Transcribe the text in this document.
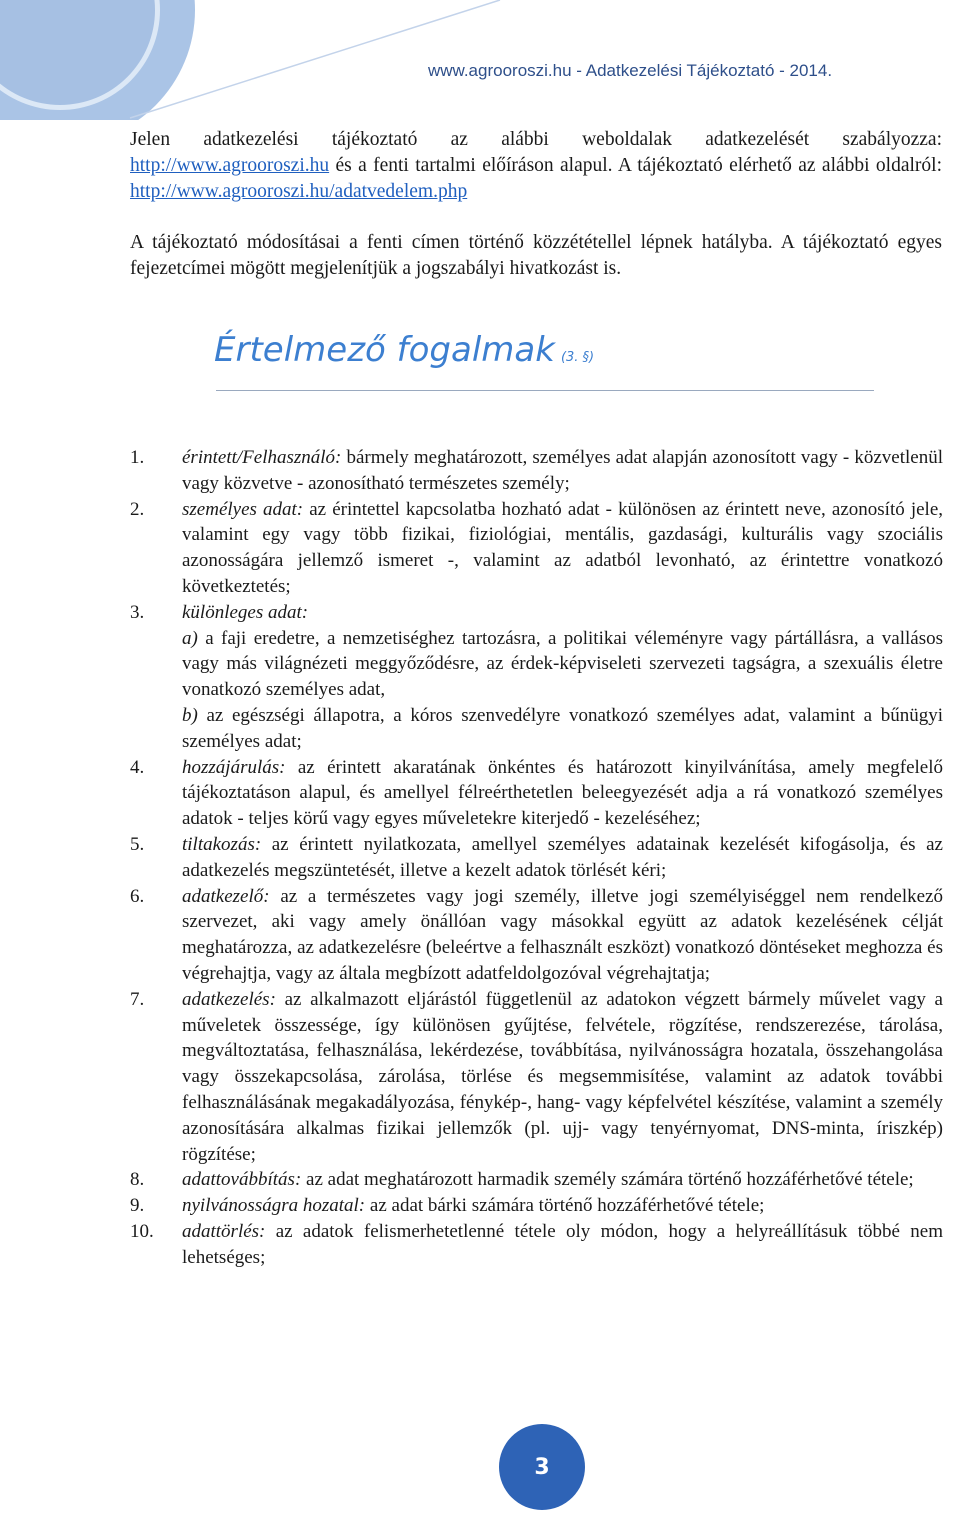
www.agrooroszi.hu - Adatkezelési Tájékoztató - 2014.

Jelen adatkezelési tájékoztató az alábbi weboldalak adatkezelését szabályozza: http://www.agrooroszi.hu és a fenti tartalmi előíráson alapul. A tájékoztató elérhető az alábbi oldalról: http://www.agrooroszi.hu/adatvedelem.php

A tájékoztató módosításai a fenti címen történő közzététellel lépnek hatályba. A tájékoztató egyes fejezetcímei mögött megjelenítjük a jogszabályi hivatkozást is.

Értelmező fogalmak (3. §)
1.	érintett/Felhasználó: bármely meghatározott, személyes adat alapján azonosított vagy - közvetlenül vagy közvetve - azonosítható természetes személy;
2.	személyes adat: az érintettel kapcsolatba hozható adat - különösen az érintett neve, azonosító jele, valamint egy vagy több fizikai, fiziológiai, mentális, gazdasági, kulturális vagy szociális azonosságára jellemző ismeret -, valamint az adatból levonható, az érintettre vonatkozó következtetés;
3.	különleges adat:
a) a faji eredetre, a nemzetiséghez tartozásra, a politikai véleményre vagy pártállásra, a vallásos vagy más világnézeti meggyőződésre, az érdek-képviseleti szervezeti tagságra, a szexuális életre vonatkozó személyes adat,
b) az egészségi állapotra, a kóros szenvedélyre vonatkozó személyes adat, valamint a bűnügyi személyes adat;
4.	hozzájárulás: az érintett akaratának önkéntes és határozott kinyilvánítása, amely megfelelő tájékoztatáson alapul, és amellyel félreérthetetlen beleegyezését adja a rá vonatkozó személyes adatok - teljes körű vagy egyes műveletekre kiterjedő - kezeléséhez;
5.	tiltakozás: az érintett nyilatkozata, amellyel személyes adatainak kezelését kifogásolja, és az adatkezelés megszüntetését, illetve a kezelt adatok törlését kéri;
6.	adatkezelő: az a természetes vagy jogi személy, illetve jogi személyiséggel nem rendelkező szervezet, aki vagy amely önállóan vagy másokkal együtt az adatok kezelésének célját meghatározza, az adatkezelésre (beleértve a felhasznált eszközt) vonatkozó döntéseket meghozza és végrehajtja, vagy az általa megbízott adatfeldolgozóval végrehajtatja;
7.	adatkezelés: az alkalmazott eljárástól függetlenül az adatokon végzett bármely művelet vagy a műveletek összessége, így különösen gyűjtése, felvétele, rögzítése, rendszerezése, tárolása, megváltoztatása, felhasználása, lekérdezése, továbbítása, nyilvánosságra hozatala, összehangolása vagy összekapcsolása, zárolása, törlése és megsemmisítése, valamint az adatok további felhasználásának megakadályozása, fénykép-, hang- vagy képfelvétel készítése, valamint a személy azonosítására alkalmas fizikai jellemzők (pl. ujj- vagy tenyérnyomat, DNS-minta, íriszkép) rögzítése;
8.	adattovábbítás: az adat meghatározott harmadik személy számára történő hozzáférhetővé tétele;
9.	nyilvánosságra hozatal: az adat bárki számára történő hozzáférhetővé tétele;
10.	adattörlés: az adatok felismerhetetlenné tétele oly módon, hogy a helyreállításuk többé nem lehetséges;
3
